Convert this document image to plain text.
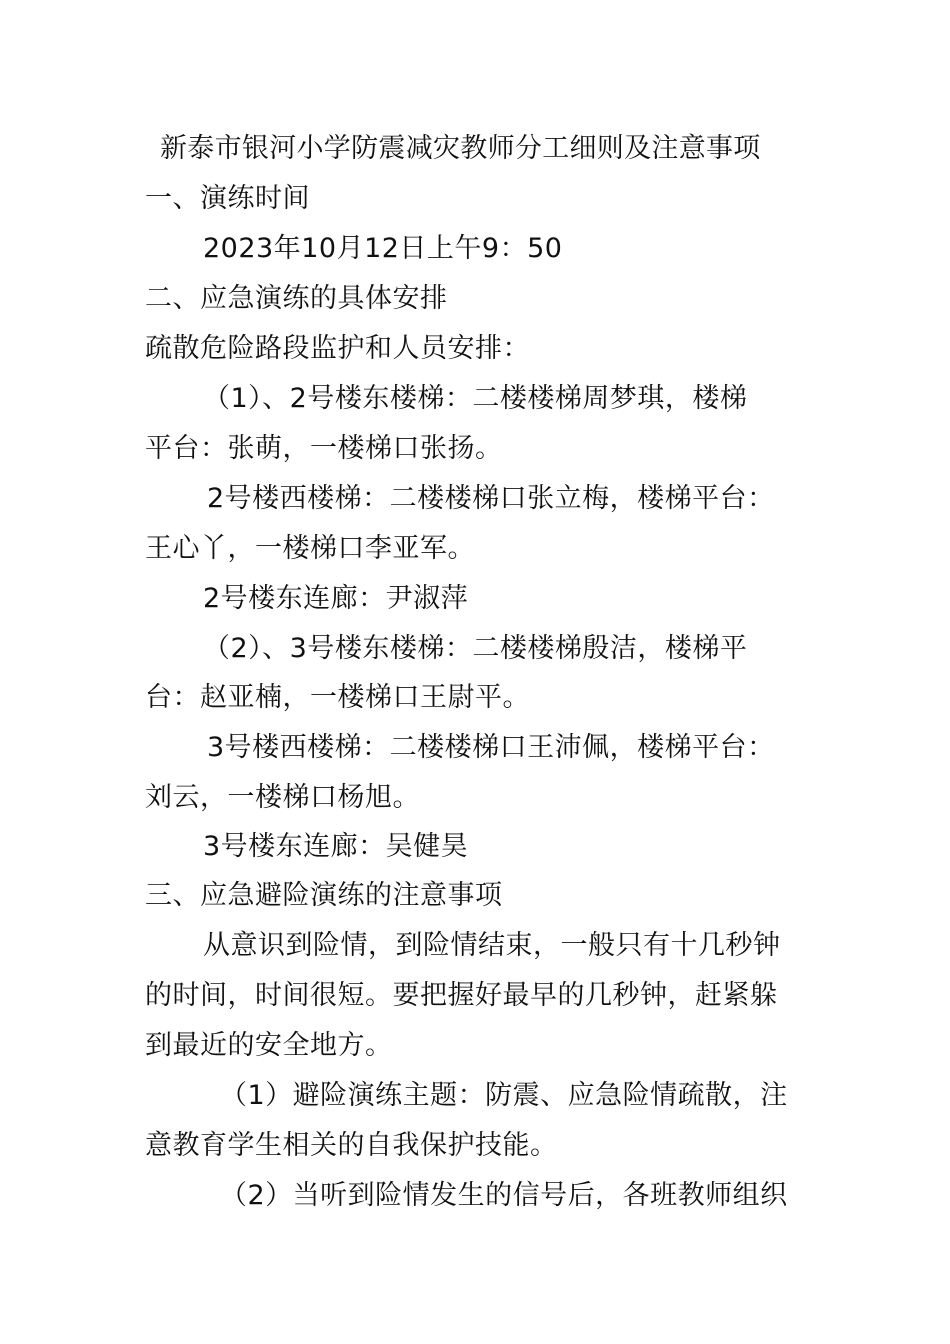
新泰市银河小学防震减灾教师分工细则及注意事项
一、演练时间
2023年10月12日上午9：50
二、应急演练的具体安排
疏散危险路段监护和人员安排：
（1）、2号楼东楼梯：二楼楼梯周梦琪，楼梯
平台：张萌，一楼梯口张扬。
2号楼西楼梯：二楼楼梯口张立梅，楼梯平台：
王心丫，一楼梯口李亚军。
2号楼东连廊：尹淑萍
（2）、3号楼东楼梯：二楼楼梯殷洁，楼梯平
台：赵亚楠，一楼梯口王尉平。
3号楼西楼梯：二楼楼梯口王沛佩，楼梯平台：
刘云，一楼梯口杨旭。
3号楼东连廊：吴健昊
三、应急避险演练的注意事项
从意识到险情，到险情结束，一般只有十几秒钟
的时间，时间很短。要把握好最早的几秒钟，赶紧躲
到最近的安全地方。
（1）避险演练主题：防震、应急险情疏散，注
意教育学生相关的自我保护技能。
（2）当听到险情发生的信号后，各班教师组织
